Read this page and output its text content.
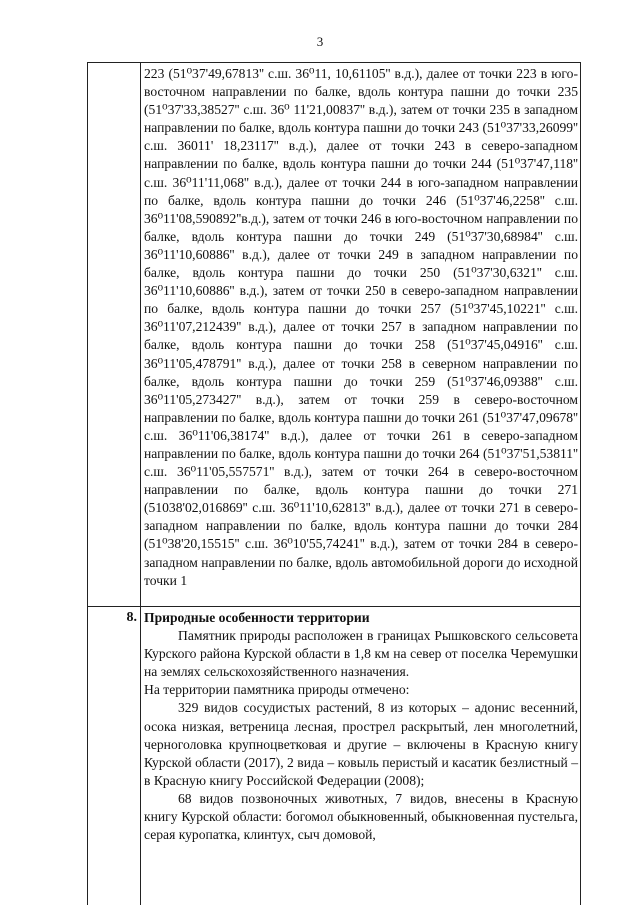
3

223 (51⁰37'49,67813'' с.ш. 36⁰11, 10,61105'' в.д.), далее от точки 223 в юго-восточном направлении по балке, вдоль контура пашни до точки 235 (51⁰37'33,38527'' с.ш. 36⁰ 11'21,00837'' в.д.), затем от точки 235 в западном направлении по балке, вдоль контура пашни до точки 243 (51⁰37'33,26099'' с.ш. 36011' 18,23117'' в.д.), далее от точки 243 в северо-западном направлении по балке, вдоль контура пашни до точки 244 (51⁰37'47,118'' с.ш. 36⁰11'11,068'' в.д.), далее от точки 244 в юго-западном направлении по балке, вдоль контура пашни до точки 246 (51⁰37'46,2258'' с.ш. 36⁰11'08,590892''в.д.), затем от точки 246 в юго-восточном направлении по балке, вдоль контура пашни до точки 249 (51⁰37'30,68984'' с.ш. 36⁰11'10,60886'' в.д.), далее от точки 249 в западном направлении по балке, вдоль контура пашни до точки 250 (51⁰37'30,6321'' с.ш. 36⁰11'10,60886'' в.д.), затем от точки 250 в северо-западном направлении по балке, вдоль контура пашни до точки 257 (51⁰37'45,10221'' с.ш. 36⁰11'07,212439'' в.д.), далее от точки 257 в западном направлении по балке, вдоль контура пашни до точки 258 (51⁰37'45,04916'' с.ш. 36⁰11'05,478791'' в.д.), далее от точки 258 в северном направлении по балке, вдоль контура пашни до точки 259 (51⁰37'46,09388'' с.ш. 36⁰11'05,273427'' в.д.), затем от точки 259 в северо-восточном направлении по балке, вдоль контура пашни до точки 261 (51⁰37'47,09678'' с.ш. 36⁰11'06,38174'' в.д.), далее от точки 261 в северо-западном направлении по балке, вдоль контура пашни до точки 264 (51⁰37'51,53811'' с.ш. 36⁰11'05,557571'' в.д.), затем от точки 264 в северо-восточном направлении по балке, вдоль контура пашни до точки 271 (51038'02,016869'' с.ш. 36⁰11'10,62813'' в.д.), далее от точки 271 в северо-западном направлении по балке, вдоль контура пашни до точки 284 (51⁰38'20,15515'' с.ш. 36⁰10'55,74241'' в.д.), затем от точки 284 в северо-западном направлении по балке, вдоль автомобильной дороги до исходной точки 1

8. Природные особенности территории

Памятник природы расположен в границах Рышковского сельсовета Курского района Курской области в 1,8 км на север от поселка Черемушки на землях сельскохозяйственного назначения.

На территории памятника природы отмечено:

329 видов сосудистых растений, 8 из которых – адонис весенний, осока низкая, ветреница лесная, прострел раскрытый, лен многолетний, черноголовка крупноцветковая и другие – включены в Красную книгу Курской области (2017), 2 вида – ковыль перистый и касатик безлистный – в Красную книгу Российской Федерации (2008);

68 видов позвоночных животных, 7 видов, внесены в Красную книгу Курской области: богомол обыкновенный, обыкновенная пустельга, серая куропатка, клинтух, сыч домовой,
